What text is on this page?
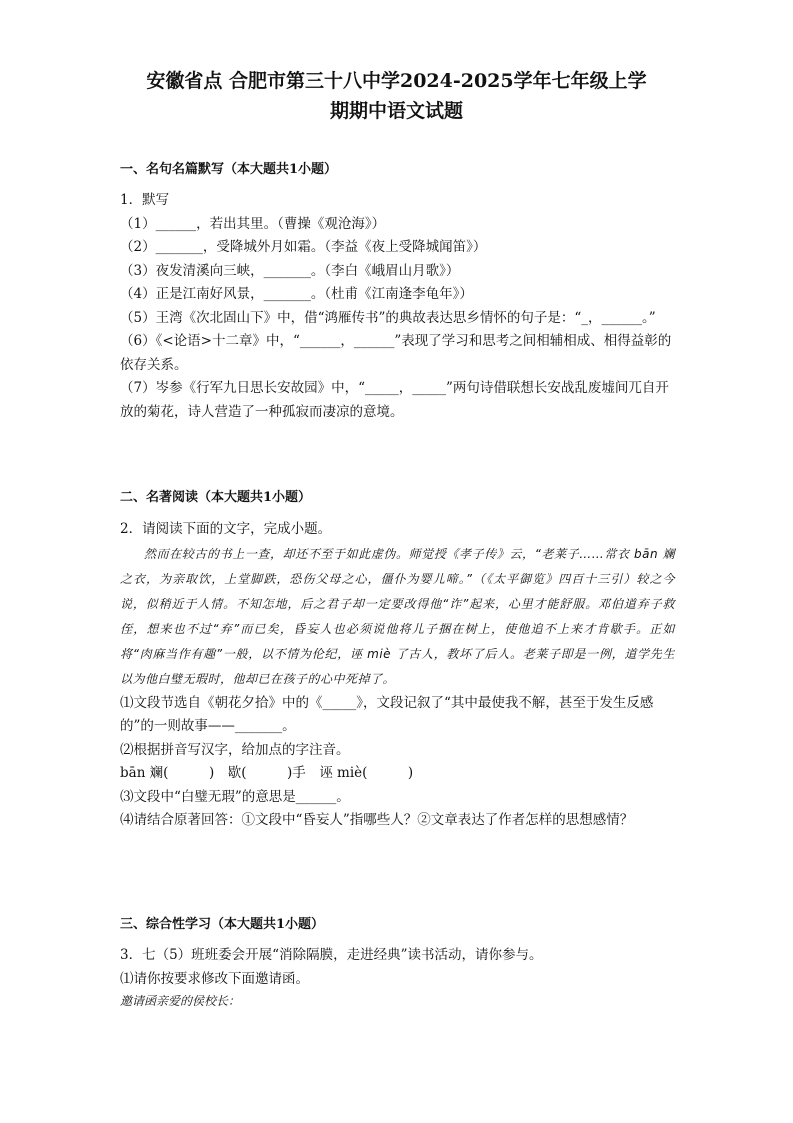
安徽省点 合肥市第三十八中学2024-2025学年七年级上学
期期中语文试题
一、名句名篇默写（本大题共1小题）
1．默写
（1）______，若出其里。（曹操《观沧海》）
（2）_______，受降城外月如霜。（李益《夜上受降城闻笛》）
（3）夜发清溪向三峡，_______。（李白《峨眉山月歌》）
（4）正是江南好风景，_______。（杜甫《江南逢李龟年》）
（5）王湾《次北固山下》中，借“鸿雁传书”的典故表达思乡情怀的句子是：“_，______。”
（6）《<论语>十二章》中，“______，______”表现了学习和思考之间相辅相成、相得益彰的依存关系。
（7）岑参《行军九日思长安故园》中，“_____，_____”两句诗借联想长安战乱废墟间兀自开放的菊花，诗人营造了一种孤寂而凄凉的意境。
二、名著阅读（本大题共1小题）
2．请阅读下面的文字，完成小题。
然而在较古的书上一查，却还不至于如此虚伪。师觉授《孝子传》云，“老莱子……常衣 bān 斓之衣，为亲取饮，上堂脚跌，恐伤父母之心，僵仆为婴儿啼。”（《太平御览》四百十三引）较之今说，似稍近于人情。不知怎地，后之君子却一定要改得他“诈”起来，心里才能舒服。邓伯道弃子救侄，想来也不过“弃”而已矣，昏妄人也必须说他将儿子捆在树上，使他追不上来才肯歇手。正如将“肉麻当作有趣”一般，以不情为伦纪，诬 miè 了古人，教坏了后人。老莱子即是一例，道学先生以为他白璧无瑕时，他却已在孩子的心中死掉了。
⑴文段节选自《朝花夕拾》中的《_____》，文段记叙了“其中最使我不解，甚至于发生反感的”的一则故事——_______。
⑵根据拼音写汉字，给加点的字注音。
bān 斓(　　　)　歇(　　　)手　诬 miè(　　　)
⑶文段中“白璧无瑕”的意思是______。
⑷请结合原著回答：①文段中“昏妄人”指哪些人？②文章表达了作者怎样的思想感情？
三、综合性学习（本大题共1小题）
3．七（5）班班委会开展“消除隔膜，走进经典”读书活动，请你参与。
⑴请你按要求修改下面邀请函。
邀请函亲爱的侯校长：
